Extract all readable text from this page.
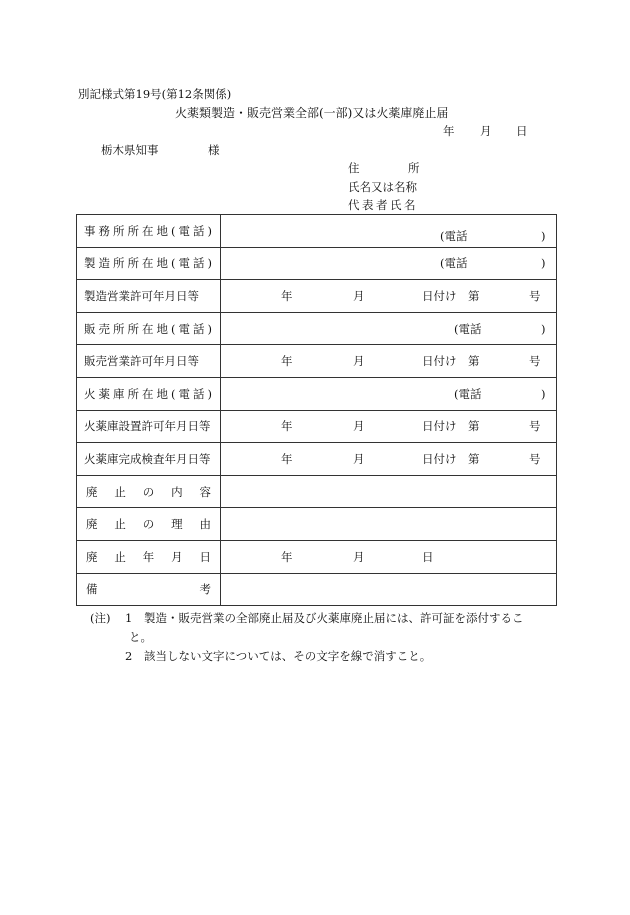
別記様式第19号(第12条関係)
火薬類製造・販売営業全部(一部)又は火薬庫廃止届
年 月 日
栃木県知事	様
住	所
氏名又は名称
代表者氏名
事務所所在地(電話)	(電話 )

製造所所在地(電話)	(電話 )

製造営業許可年月日等	年 月 日付け 第 号

販売所所在地(電話)	(電話 )

販売営業許可年月日等	年 月 日付け 第 号

火薬庫所在地(電話)	(電話 )

火薬庫設置許可年月日等	年 月 日付け 第 号

火薬庫完成検査年月日等	年 月 日付け 第 号

廃 止 の 内 容	

廃 止 の 理 由	

廃 止 年 月 日	年 月 日

備 考	

(注) 1 製造・販売営業の全部廃止届及び火薬庫廃止届には、許可証を添付するこ
と。
2 該当しない文字については、その文字を線で消すこと。
